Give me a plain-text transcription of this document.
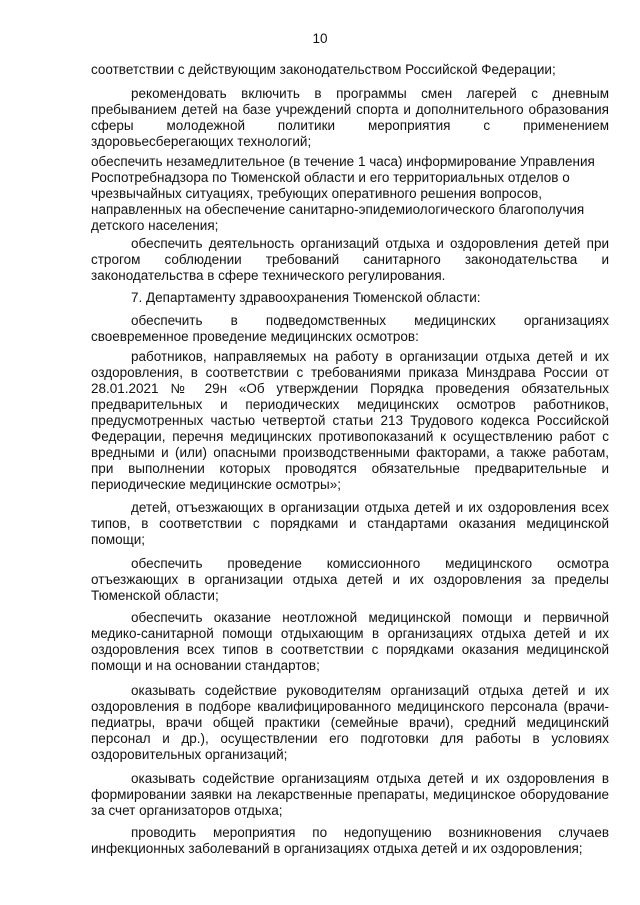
10

соответствии с действующим законодательством Российской Федерации;

рекомендовать включить в программы смен лагерей с дневным пребыванием детей на базе учреждений спорта и дополнительного образования сферы молодежной политики мероприятия с применением здоровьесберегающих технологий;

обеспечить незамедлительное (в течение 1 часа) информирование Управления Роспотребнадзора по Тюменской области и его территориальных отделов о чрезвычайных ситуациях, требующих оперативного решения вопросов, направленных на обеспечение санитарно-эпидемиологического благополучия детского населения;

обеспечить деятельность организаций отдыха и оздоровления детей при строгом соблюдении требований санитарного законодательства и законодательства в сфере технического регулирования.

7. Департаменту здравоохранения Тюменской области:

обеспечить в подведомственных медицинских организациях своевременное проведение медицинских осмотров:

работников, направляемых на работу в организации отдыха детей и их оздоровления, в соответствии с требованиями приказа Минздрава России от 28.01.2021 № 29н «Об утверждении Порядка проведения обязательных предварительных и периодических медицинских осмотров работников, предусмотренных частью четвертой статьи 213 Трудового кодекса Российской Федерации, перечня медицинских противопоказаний к осуществлению работ с вредными и (или) опасными производственными факторами, а также работам, при выполнении которых проводятся обязательные предварительные и периодические медицинские осмотры»;

детей, отъезжающих в организации отдыха детей и их оздоровления всех типов, в соответствии с порядками и стандартами оказания медицинской помощи;

обеспечить проведение комиссионного медицинского осмотра отъезжающих в организации отдыха детей и их оздоровления за пределы Тюменской области;

обеспечить оказание неотложной медицинской помощи и первичной медико-санитарной помощи отдыхающим в организациях отдыха детей и их оздоровления всех типов в соответствии с порядками оказания медицинской помощи и на основании стандартов;

оказывать содействие руководителям организаций отдыха детей и их оздоровления в подборе квалифицированного медицинского персонала (врачи-педиатры, врачи общей практики (семейные врачи), средний медицинский персонал и др.), осуществлении его подготовки для работы в условиях оздоровительных организаций;

оказывать содействие организациям отдыха детей и их оздоровления в формировании заявки на лекарственные препараты, медицинское оборудование за счет организаторов отдыха;

проводить мероприятия по недопущению возникновения случаев инфекционных заболеваний в организациях отдыха детей и их оздоровления;
